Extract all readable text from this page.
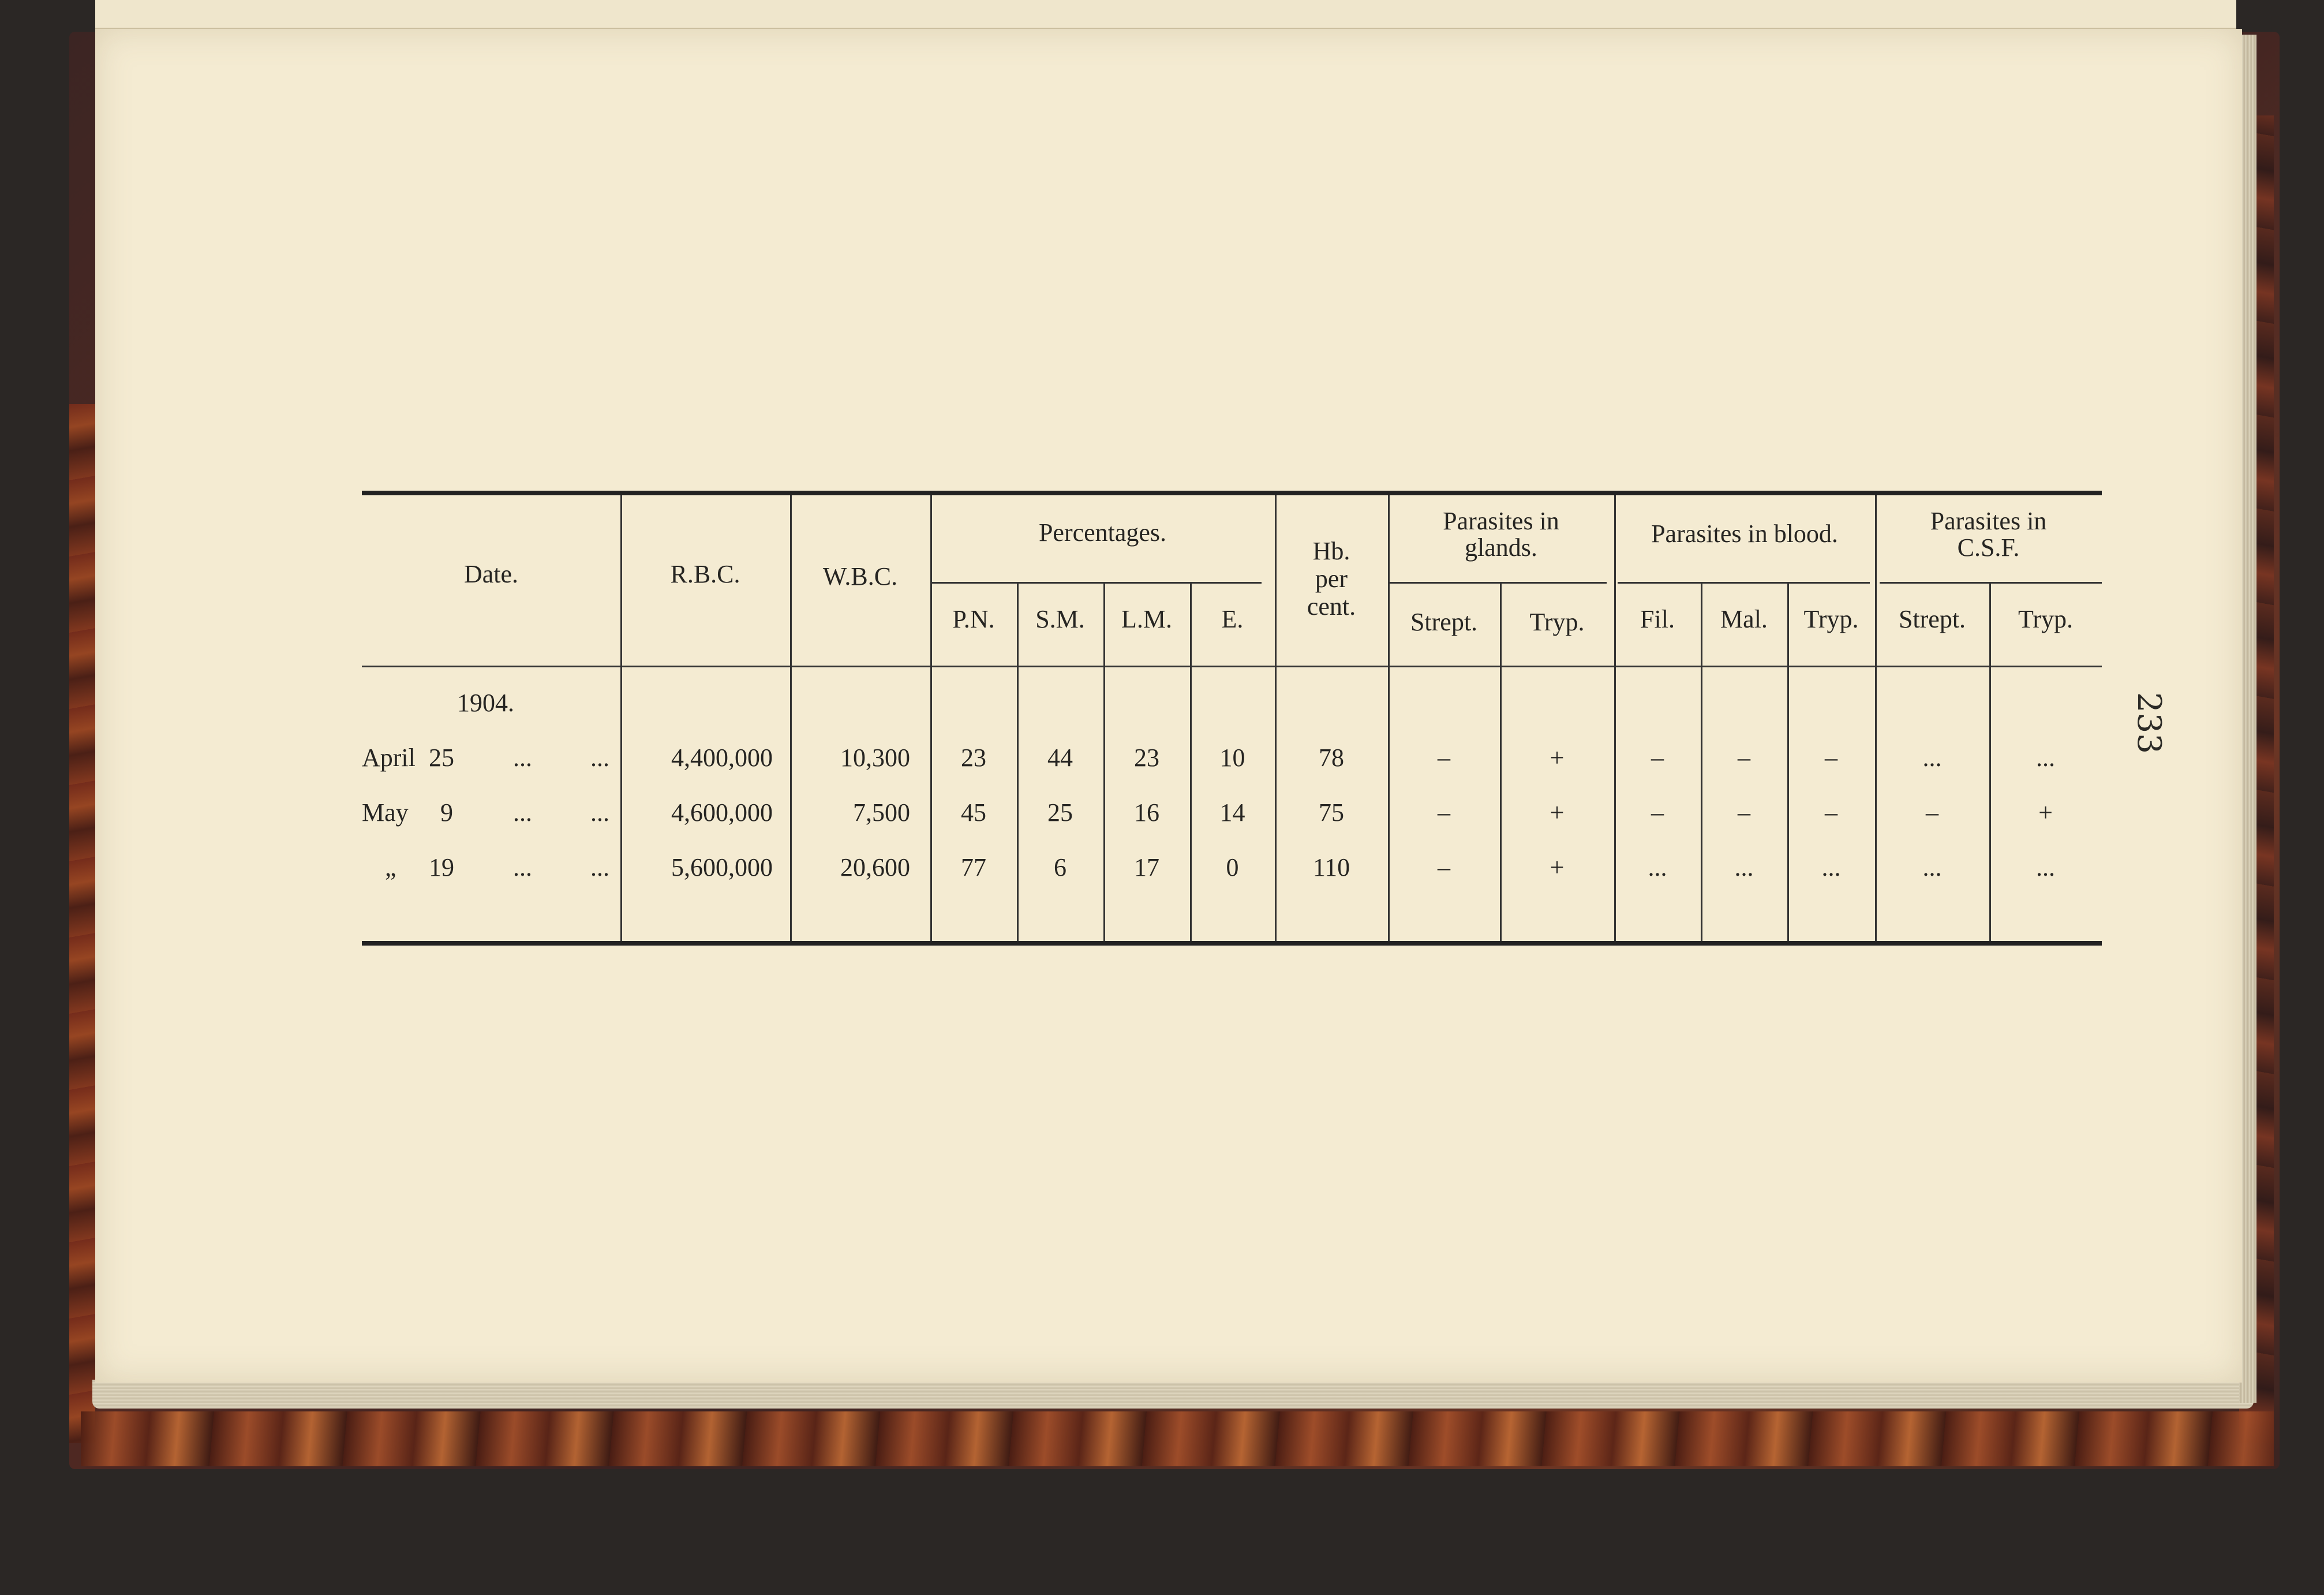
233
Date.	R.B.C.	W.B.C.
Percentages.
P.N.	S.M.	L.M.	E.
Hb.
per
cent.
Parasites in
glands.
Strept.	Tryp.
Parasites in blood.
Fil.	Mal.	Tryp.
Parasites in
C.S.F.
Strept.	Tryp.
1904.
April 25 ... ...	4,400,000	10,300	23	44	23	10	78	–	+	–	–	–	...	...
May 9 ... ...	4,600,000	7,500	45	25	16	14	75	–	+	–	–	–	–	+
„ 19 ... ...	5,600,000	20,600	77	6	17	0	110	–	+	...	...	...	...	...
